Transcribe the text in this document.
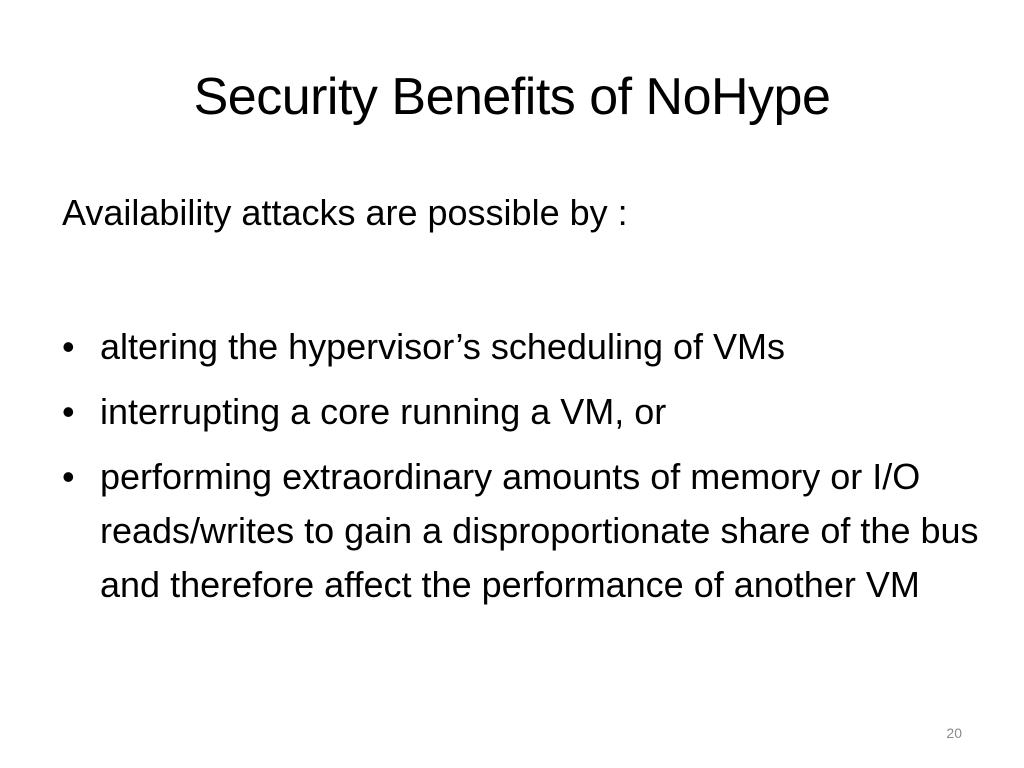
Security Benefits of NoHype

Availability attacks are possible by :

• altering the hypervisor’s scheduling of VMs
• interrupting a core running a VM, or
• performing extraordinary amounts of memory or I/O reads/writes to gain a disproportionate share of the bus and therefore affect the performance of another VM
20
